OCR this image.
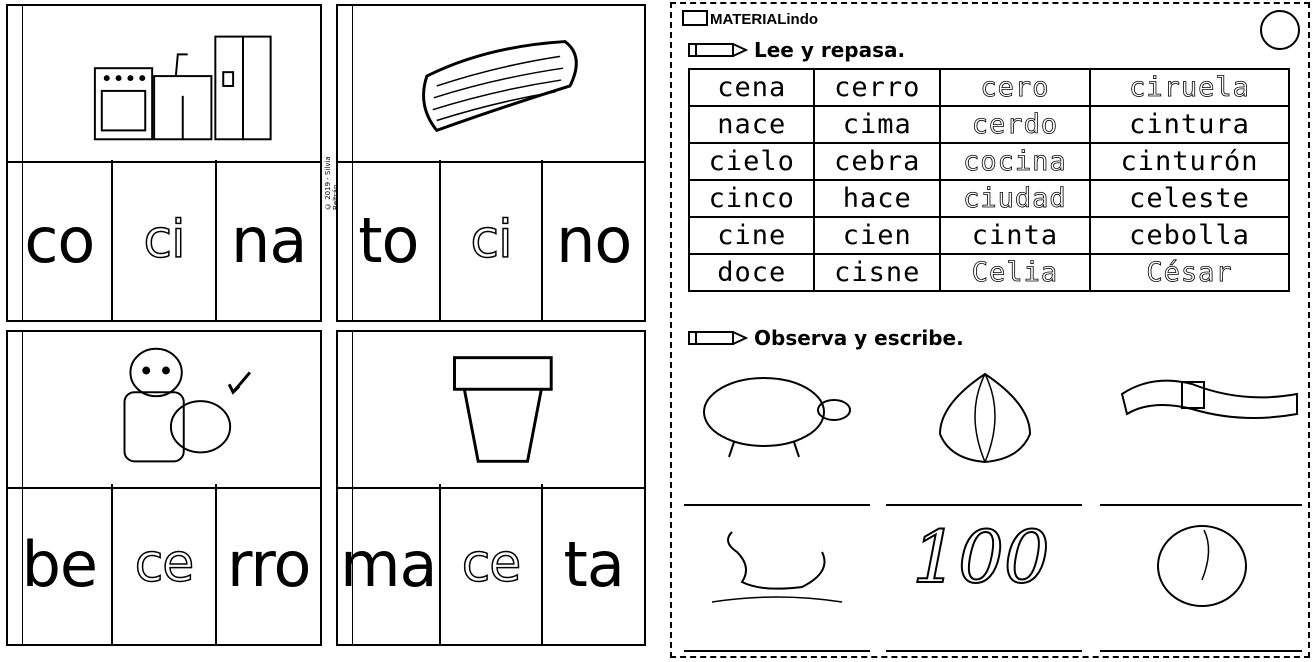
co ci na to	ci no
© 2019 - Silvia Beltrán
be ce rro ma ce ta
MATERIALindo
Lee y repasa.
cena	cerro	cero	ciruela
nace	cima	cerdo	cintura
cielo	cebra	cocina	cinturón
cinco	hace	ciudad	celeste
cine	cien	cinta	cebolla
doce	cisne	Celia	César
Observa y escribe.
100
